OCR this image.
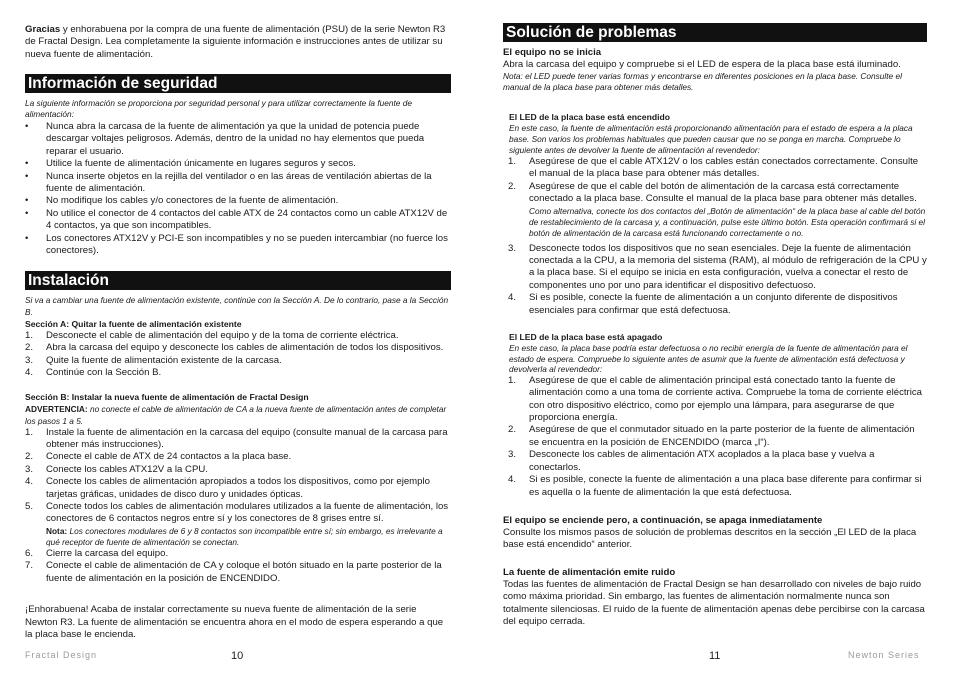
Gracias y enhorabuena por la compra de una fuente de alimentación (PSU) de la serie Newton R3 de Fractal Design. Lea completamente la siguiente información e instrucciones antes de utilizar su nueva fuente de alimentación.

Información de seguridad

La siguiente información se proporciona por seguridad personal y para utilizar correctamente la fuente de alimentación:

• Nunca abra la carcasa de la fuente de alimentación ya que la unidad de potencia puede descargar voltajes peligrosos. Además, dentro de la unidad no hay elementos que pueda reparar el usuario.
• Utilice la fuente de alimentación únicamente en lugares seguros y secos.
• Nunca inserte objetos en la rejilla del ventilador o en las áreas de ventilación abiertas de la fuente de alimentación.
• No modifique los cables y/o conectores de la fuente de alimentación.
• No utilice el conector de 4 contactos del cable ATX de 24 contactos como un cable ATX12V de 4 contactos, ya que son incompatibles.
• Los conectores ATX12V y PCI-E son incompatibles y no se pueden intercambiar (no fuerce los conectores).
Instalación

Si va a cambiar una fuente de alimentación existente, continúe con la Sección A. De lo contrario, pase a la Sección B.

Sección A: Quitar la fuente de alimentación existente

1. Desconecte el cable de alimentación del equipo y de la toma de corriente eléctrica.
2. Abra la carcasa del equipo y desconecte los cables de alimentación de todos los dispositivos.
3. Quite la fuente de alimentación existente de la carcasa.
4. Continúe con la Sección B.

Sección B: Instalar la nueva fuente de alimentación de Fractal Design

ADVERTENCIA: no conecte el cable de alimentación de CA a la nueva fuente de alimentación antes de completar los pasos 1 a 5.

1. Instale la fuente de alimentación en la carcasa del equipo (consulte manual de la carcasa para obtener más instrucciones).
2. Conecte el cable de ATX de 24 contactos a la placa base.
3. Conecte los cables ATX12V a la CPU.
4. Conecte los cables de alimentación apropiados a todos los dispositivos, como por ejemplo tarjetas gráficas, unidades de disco duro y unidades ópticas.
5. Conecte todos los cables de alimentación modulares utilizados a la fuente de alimentación, los conectores de 6 contactos negros entre sí y los conectores de 8 grises entre sí.
Nota: Los conectores modulares de 6 y 8 contactos son incompatible entre sí; sin embargo, es irrelevante a qué receptor de fuente de alimentación se conectan.
6. Cierre la carcasa del equipo.
7. Conecte el cable de alimentación de CA y coloque el botón situado en la parte posterior de la fuente de alimentación en la posición de ENCENDIDO.

¡Enhorabuena! Acaba de instalar correctamente su nueva fuente de alimentación de la serie Newton R3. La fuente de alimentación se encuentra ahora en el modo de espera esperando a que la placa base le encienda.

Fractal Design	10
Solución de problemas

El equipo no se inicia

Abra la carcasa del equipo y compruebe si el LED de espera de la placa base está iluminado.

Nota: el LED puede tener varias formas y encontrarse en diferentes posiciones en la placa base. Consulte el manual de la placa base para obtener más detalles.

El LED de la placa base está encendido

En este caso, la fuente de alimentación está proporcionando alimentación para el estado de espera a la placa base. Son varios los problemas habituales que pueden causar que no se ponga en marcha. Compruebe lo siguiente antes de devolver la fuente de alimentación al revendedor:

1. Asegúrese de que el cable ATX12V o los cables están conectados correctamente. Consulte el manual de la placa base para obtener más detalles.
2. Asegúrese de que el cable del botón de alimentación de la carcasa está correctamente conectado a la placa base. Consulte el manual de la placa base para obtener más detalles.
Como alternativa, conecte los dos contactos del „Botón de alimentación“ de la placa base al cable del botón de restablecimiento de la carcasa y, a continuación, pulse este último botón. Esta operación confirmará si el botón de alimentación de la carcasa está funcionando correctamente o no.
3. Desconecte todos los dispositivos que no sean esenciales. Deje la fuente de alimentación conectada a la CPU, a la memoria del sistema (RAM), al módulo de refrigeración de la CPU y a la placa base. Si el equipo se inicia en esta configuración, vuelva a conectar el resto de componentes uno por uno para identificar el dispositivo defectuoso.
4. Si es posible, conecte la fuente de alimentación a un conjunto diferente de dispositivos esenciales para confirmar que está defectuosa.

El LED de la placa base está apagado

En este caso, la placa base podría estar defectuosa o no recibir energía de la fuente de alimentación para el estado de espera. Compruebe lo siguiente antes de asumir que la fuente de alimentación está defectuosa y devolverla al revendedor:

1. Asegúrese de que el cable de alimentación principal está conectado tanto la fuente de alimentación como a una toma de corriente activa. Compruebe la toma de corriente eléctrica con otro dispositivo eléctrico, como por ejemplo una lámpara, para asegurarse de que proporciona energía.
2. Asegúrese de que el conmutador situado en la parte posterior de la fuente de alimentación se encuentra en la posición de ENCENDIDO (marca „I“).
3. Desconecte los cables de alimentación ATX acoplados a la placa base y vuelva a conectarlos.
4. Si es posible, conecte la fuente de alimentación a una placa base diferente para confirmar si es aquella o la fuente de alimentación la que está defectuosa.

El equipo se enciende pero, a continuación, se apaga inmediatamente

Consulte los mismos pasos de solución de problemas descritos en la sección „El LED de la placa base está encendido“ anterior.

La fuente de alimentación emite ruido

Todas las fuentes de alimentación de Fractal Design se han desarrollado con niveles de bajo ruido como máxima prioridad. Sin embargo, las fuentes de alimentación normalmente nunca son totalmente silenciosas. El ruido de la fuente de alimentación apenas debe percibirse con la carcasa del equipo cerrada.

11	Newton Series
